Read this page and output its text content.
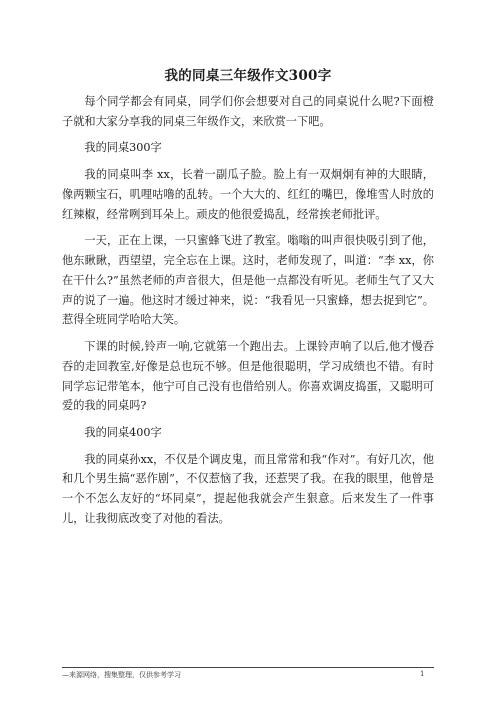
我的同桌三年级作文300字

每个同学都会有同桌，同学们你会想要对自己的同桌说什么呢?下面橙子就和大家分享我的同桌三年级作文，来欣赏一下吧。

我的同桌300字

我的同桌叫李 xx，长着一副瓜子脸。脸上有一双炯炯有神的大眼睛，像两颗宝石，叽哩咕噜的乱转。一个大大的、红红的嘴巴，像堆雪人时放的红辣椒，经常咧到耳朵上。顽皮的他很爱捣乱，经常挨老师批评。

一天，正在上课，一只蜜蜂飞进了教室。嗡嗡的叫声很快吸引到了他，他东瞅瞅，西望望，完全忘在上课。这时，老师发现了，叫道：“李 xx，你在干什么?”虽然老师的声音很大，但是他一点都没有听见。老师生气了又大声的说了一遍。他这时才缓过神来，说：“我看见一只蜜蜂，想去捉到它”。惹得全班同学哈哈大笑。

下课的时候,铃声一响,它就第一个跑出去。上课铃声响了以后,他才慢吞吞的走回教室,好像是总也玩不够。但是他很聪明，学习成绩也不错。有时同学忘记带笔本，他宁可自己没有也借给别人。你喜欢调皮捣蛋，又聪明可爱的我的同桌吗?

我的同桌400字

我的同桌孙xx，不仅是个调皮鬼，而且常常和我“作对”。有好几次，他和几个男生搞“恶作剧”，不仅惹恼了我，还惹哭了我。在我的眼里，他曾是一个不怎么友好的“坏同桌”，提起他我就会产生狠意。后来发生了一件事儿，让我彻底改变了对他的看法。

—来源网络，搜集整理，仅供参考学习	1
